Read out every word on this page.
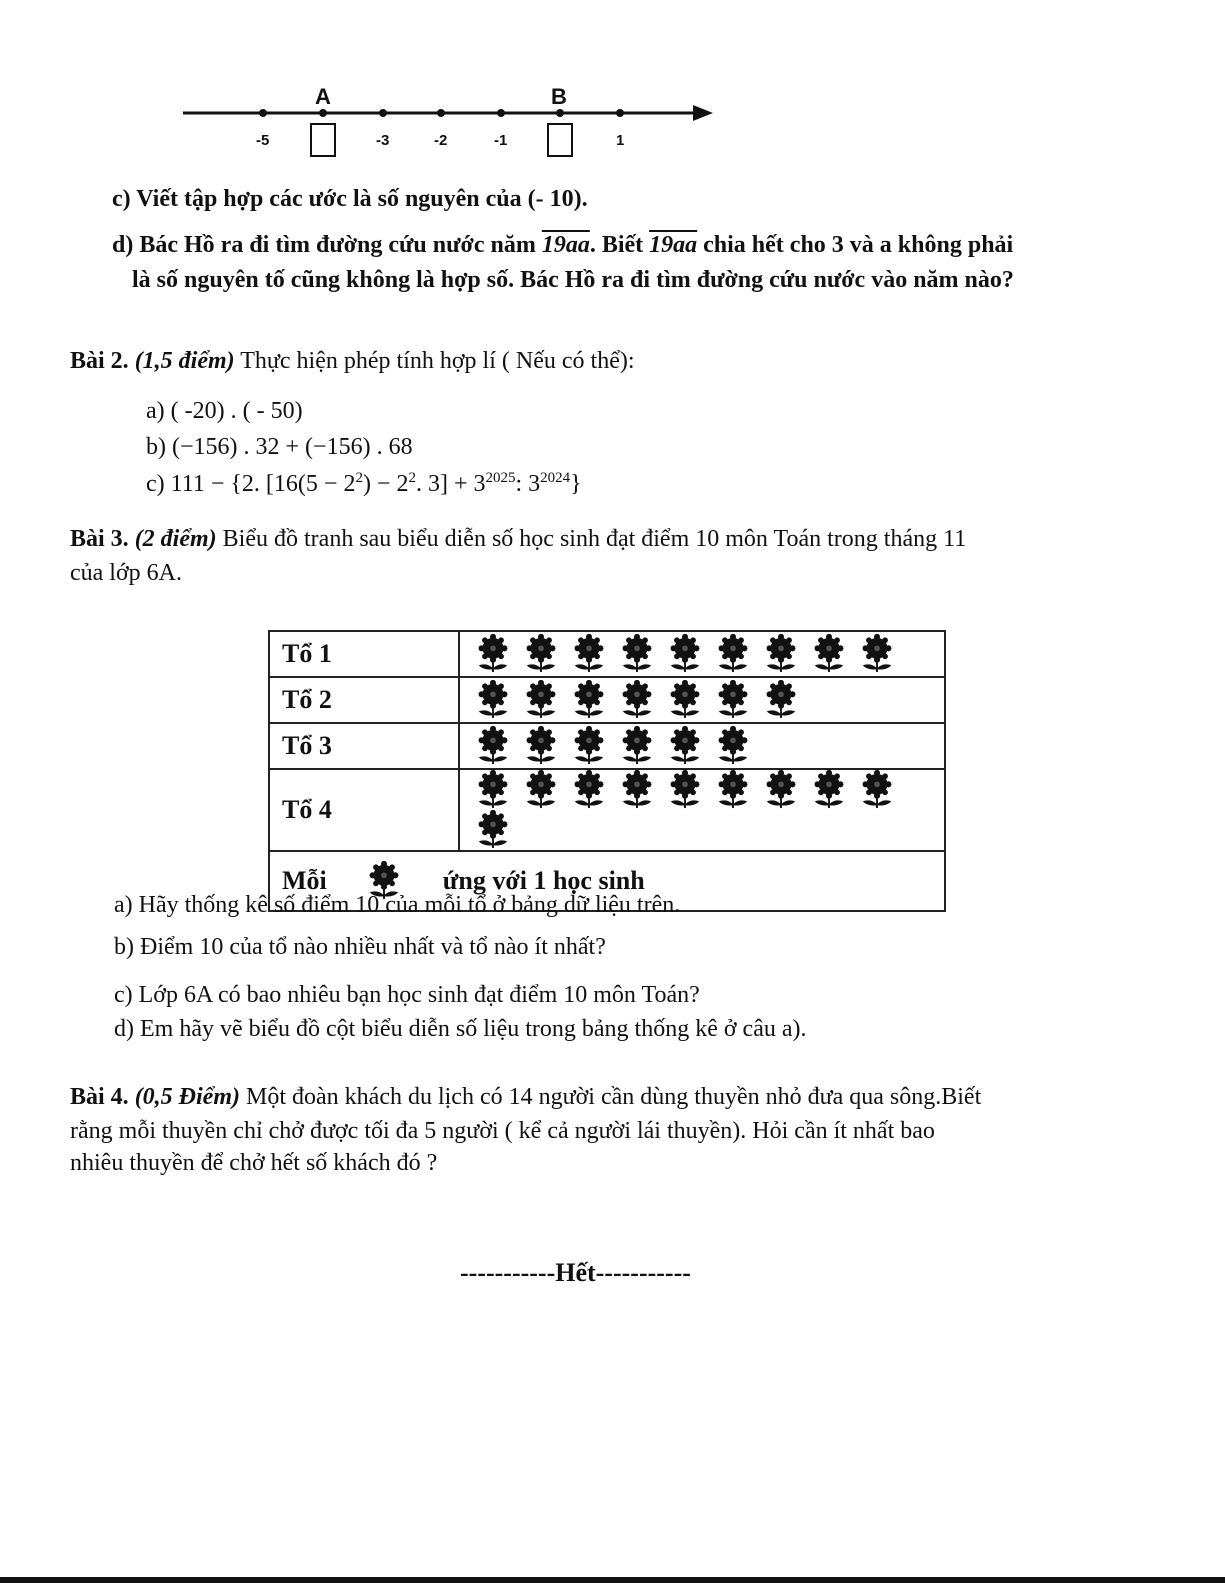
A	B
-5	-3	-2	-1	1
c) Viết tập hợp các ước là số nguyên của (- 10).
d) Bác Hồ ra đi tìm đường cứu nước năm 19aa. Biết 19aa chia hết cho 3 và a không phải
là số nguyên tố cũng không là hợp số. Bác Hồ ra đi tìm đường cứu nước vào năm nào?
Bài 2. (1,5 điểm) Thực hiện phép tính hợp lí ( Nếu có thể):
a) ( -20) . ( - 50)
b) (−156) . 32 + (−156) . 68
c) 111 − {2. [$16(5 - 2^2) - 2^2$. $3] + 3^{2025}$: $3^{2024}$}
Bài 3. (2 điểm) Biểu đồ tranh sau biểu diễn số học sinh đạt điểm 10 môn Toán trong tháng 11
của lớp 6A.
Tổ 1	
Tổ 2	
Tổ 3	
Tổ 4	

Mỗi ứng với 1 học sinh	
a) Hãy thống kê số điểm 10 của mỗi tổ ở bảng dữ liệu trên.
b) Điểm 10 của tổ nào nhiều nhất và tổ nào ít nhất?
c) Lớp 6A có bao nhiêu bạn học sinh đạt điểm 10 môn Toán?
d) Em hãy vẽ biểu đồ cột biểu diễn số liệu trong bảng thống kê ở câu a).
Bài 4. (0,5 Điểm) Một đoàn khách du lịch có 14 người cần dùng thuyền nhỏ đưa qua sông.Biết
rằng mỗi thuyền chỉ chở được tối đa 5 người ( kể cả người lái thuyền). Hỏi cần ít nhất bao
nhiêu thuyền để chở hết số khách đó ?
-----------Hết-----------
